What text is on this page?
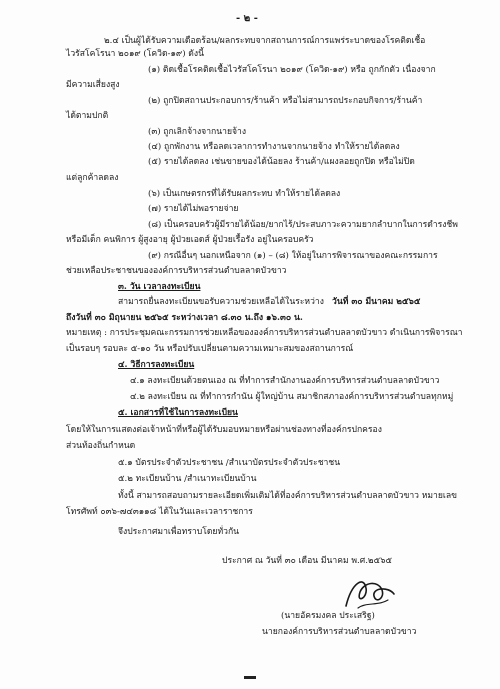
- ๒ -
๒.๔ เป็นผู้ได้รับความเดือดร้อน/ผลกระทบจากสถานการณ์การแพร่ระบาดของโรคติดเชื้อ
ไวรัสโคโรนา ๒๐๑๙ (โควิด-๑๙) ดังนี้
(๑) ติดเชื้อโรคติดเชื้อไวรัสโคโรนา ๒๐๑๙ (โควิด-๑๙) หรือ ถูกกักตัว เนื่องจาก
มีความเสี่ยงสูง
(๒) ถูกปิดสถานประกอบการ/ร้านค้า หรือไม่สามารถประกอบกิจการ/ร้านค้า
ได้ตามปกติ
(๓) ถูกเลิกจ้างจากนายจ้าง
(๔) ถูกพักงาน หรือลดเวลาการทำงานจากนายจ้าง ทำให้รายได้ลดลง
(๕) รายได้ลดลง เช่นขายของได้น้อยลง ร้านค้า/แผงลอยถูกปิด หรือไม่ปิด
แต่ลูกค้าลดลง
(๖) เป็นเกษตรกรที่ได้รับผลกระทบ ทำให้รายได้ลดลง
(๗) รายได้ไม่พอรายจ่าย
(๘) เป็นครอบครัวผู้มีรายได้น้อย/ยากไร้/ประสบภาวะความยากลำบากในการดำรงชีพ
หรือมีเด็ก คนพิการ ผู้สูงอายุ ผู้ป่วยเอดส์ ผู้ป่วยเรื้อรัง อยู่ในครอบครัว
(๙) กรณีอื่นๆ นอกเหนือจาก (๑) – (๘) ให้อยู่ในการพิจารณาของคณะกรรมการ
ช่วยเหลือประชาชนขององค์การบริหารส่วนตำบลลาดบัวขาว
๓. วัน เวลาลงทะเบียน
สามารถยื่นลงทะเบียนขอรับความช่วยเหลือได้ในระหว่าง วันที่ ๓๐ มีนาคม ๒๕๖๕
ถึงวันที่ ๓๐ มิถุนายน ๒๕๖๕ ระหว่างเวลา ๘.๓๐ น.ถึง ๑๖.๓๐ น.
หมายเหตุ : การประชุมคณะกรรมการช่วยเหลือขององค์การบริหารส่วนตำบลลาดบัวขาว ดำเนินการพิจารณา
เป็นรอบๆ รอบละ ๕-๑๐ วัน หรือปรับเปลี่ยนตามความเหมาะสมของสถานการณ์
๔. วิธีการลงทะเบียน
๔.๑ ลงทะเบียนด้วยตนเอง ณ ที่ทำการสำนักงานองค์การบริหารส่วนตำบลลาดบัวขาว
๔.๒ ลงทะเบียน ณ ที่ทำการกำนัน ผู้ใหญ่บ้าน สมาชิกสภาองค์การบริหารส่วนตำบลทุกหมู่
๕. เอกสารที่ใช้ในการลงทะเบียน
โดยให้ในการแสดงต่อเจ้าหน้าที่หรือผู้ได้รับมอบหมายหรือผ่านช่องทางที่องค์กรปกครอง
ส่วนท้องถิ่นกำหนด
๕.๑ บัตรประจำตัวประชาชน /สำเนาบัตรประจำตัวประชาชน
๕.๒ ทะเบียนบ้าน /สำเนาทะเบียนบ้าน
ทั้งนี้ สามารถสอบถามรายละเอียดเพิ่มเติมได้ที่องค์การบริหารส่วนตำบลลาดบัวขาว หมายเลข
โทรศัพท์ ๐๓๖-๗๔๓๑๑๘ ได้ในวันและเวลาราชการ
จึงประกาศมาเพื่อทราบโดยทั่วกัน
ประกาศ ณ วันที่ ๓๐ เดือน มีนาคม พ.ศ.๒๕๖๕
(นายอัครมงคล ประเสริฐ)
นายกองค์การบริหารส่วนตำบลลาดบัวขาว
